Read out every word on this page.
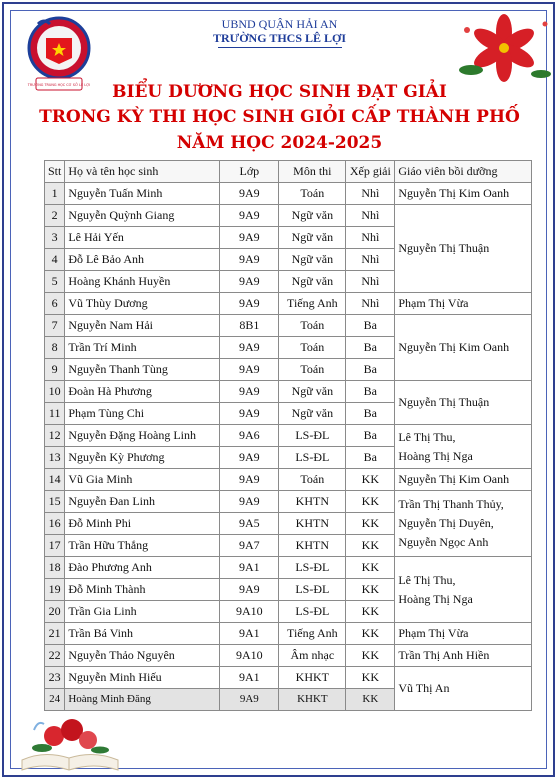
TRƯỜNG TRUNG HỌC CƠ SỞ LÊ LỢI
UBND QUẬN HẢI AN
TRƯỜNG THCS LÊ LỢI
BIỂU DƯƠNG HỌC SINH ĐẠT GIẢI
TRONG KỲ THI HỌC SINH GIỎI CẤP THÀNH PHỐ
NĂM HỌC 2024-2025
Stt	Họ và tên học sinh	Lớp	Môn thi	Xếp giải	Giáo viên bồi dưỡng
1	Nguyễn Tuấn Minh	9A9	Toán	Nhì	Nguyễn Thị Kim Oanh

2	Nguyễn Quỳnh Giang	9A9	Ngữ văn	Nhì	Nguyễn Thị Thuận

3	Lê Hải Yến	9A9	Ngữ văn	Nhì	
4	Đỗ Lê Bảo Anh	9A9	Ngữ văn	Nhì	
5	Hoàng Khánh Huyền	9A9	Ngữ văn	Nhì	
6	Vũ Thùy Dương	9A9	Tiếng Anh	Nhì	Phạm Thị Vừa

7	Nguyễn Nam Hải	8B1	Toán	Ba	Nguyễn Thị Kim Oanh

8	Trần Trí Minh	9A9	Toán	Ba	
9	Nguyễn Thanh Tùng	9A9	Toán	Ba	
10	Đoàn Hà Phương	9A9	Ngữ văn	Ba	Nguyễn Thị Thuận

11	Phạm Tùng Chi	9A9	Ngữ văn	Ba	
12	Nguyễn Đặng Hoàng Linh	9A6	LS-ĐL	Ba	Lê Thị Thu,
Hoàng Thị Nga

13	Nguyễn Kỳ Phương	9A9	LS-ĐL	Ba	
14	Vũ Gia Minh	9A9	Toán	KK	Nguyễn Thị Kim Oanh

15	Nguyễn Đan Linh	9A9	KHTN	KK	Trần Thị Thanh Thủy,
Nguyễn Thị Duyên,
Nguyễn Ngọc Anh

16	Đỗ Minh Phi	9A5	KHTN	KK	
17	Trần Hữu Thắng	9A7	KHTN	KK	
18	Đào Phương Anh	9A1	LS-ĐL	KK	Lê Thị Thu,
Hoàng Thị Nga

19	Đỗ Minh Thành	9A9	LS-ĐL	KK	
20	Trần Gia Linh	9A10	LS-ĐL	KK	
21	Trần Bá Vinh	9A1	Tiếng Anh	KK	Phạm Thị Vừa

22	Nguyễn Thảo Nguyên	9A10	Âm nhạc	KK	Trần Thị Anh Hiền

23	Nguyễn Minh Hiếu	9A1	KHKT	KK	Vũ Thị An

24	Hoàng Minh Đăng	9A9	KHKT	KK	
